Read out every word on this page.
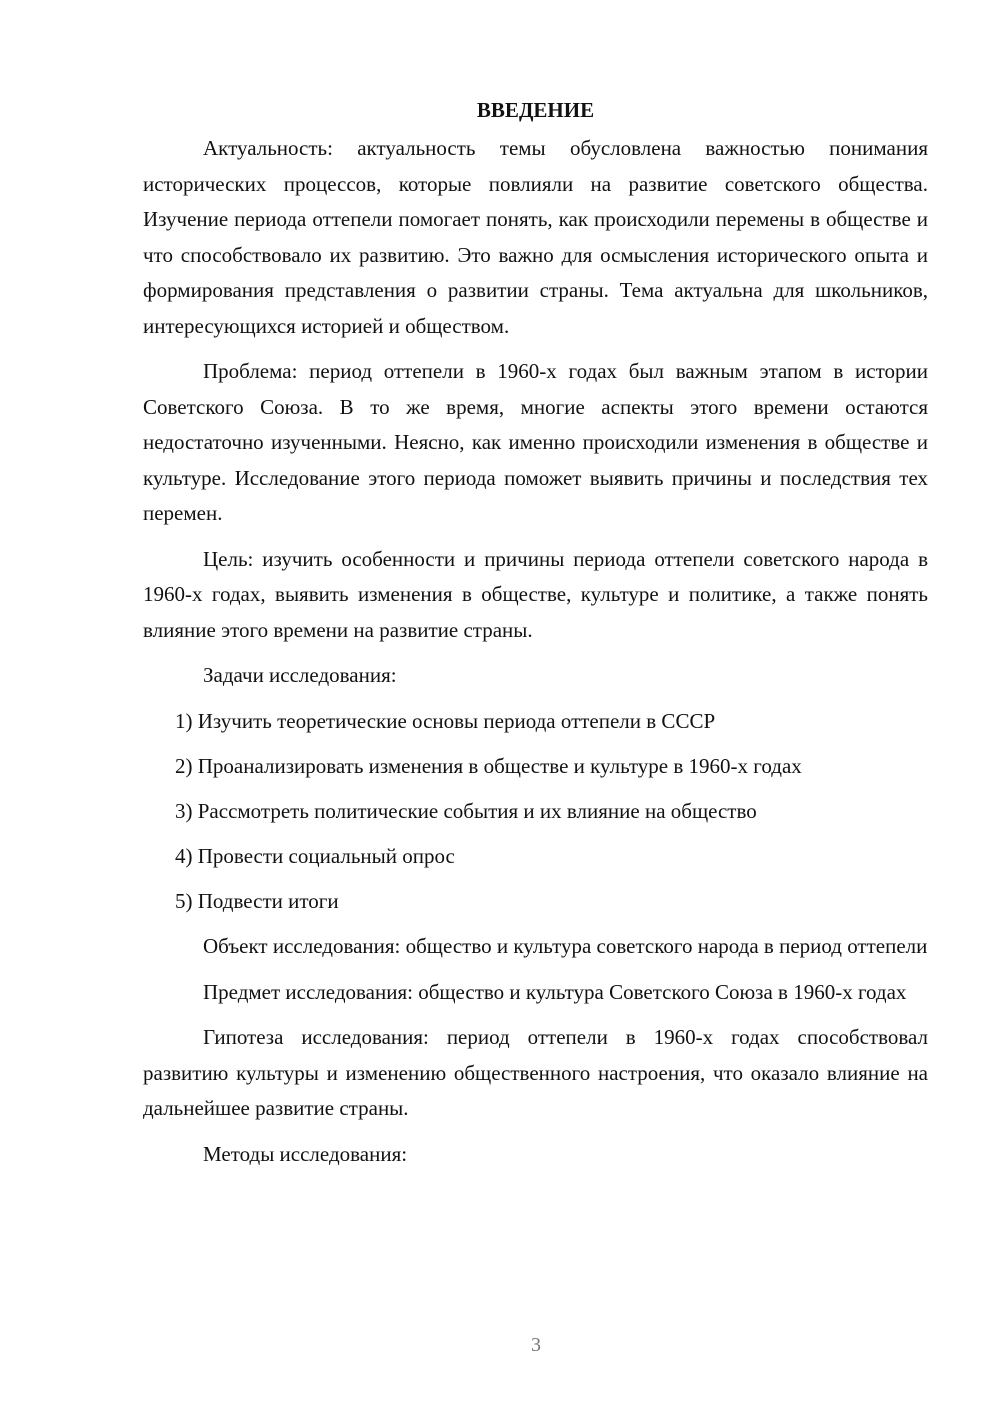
ВВЕДЕНИЕ

Актуальность: актуальность темы обусловлена важностью понимания исторических процессов, которые повлияли на развитие советского общества. Изучение периода оттепели помогает понять, как происходили перемены в обществе и что способствовало их развитию. Это важно для осмысления исторического опыта и формирования представления о развитии страны. Тема актуальна для школьников, интересующихся историей и обществом.

Проблема: период оттепели в 1960-х годах был важным этапом в истории Советского Союза. В то же время, многие аспекты этого времени остаются недостаточно изученными. Неясно, как именно происходили изменения в обществе и культуре. Исследование этого периода поможет выявить причины и последствия тех перемен.

Цель: изучить особенности и причины периода оттепели советского народа в 1960-х годах, выявить изменения в обществе, культуре и политике, а также понять влияние этого времени на развитие страны.

Задачи исследования:

1) Изучить теоретические основы периода оттепели в СССР
2) Проанализировать изменения в обществе и культуре в 1960-х годах
3) Рассмотреть политические события и их влияние на общество
4) Провести социальный опрос
5) Подвести итоги

Объект исследования: общество и культура советского народа в период оттепели

Предмет исследования: общество и культура Советского Союза в 1960-х годах

Гипотеза исследования: период оттепели в 1960-х годах способствовал развитию культуры и изменению общественного настроения, что оказало влияние на дальнейшее развитие страны.

Методы исследования:

3
